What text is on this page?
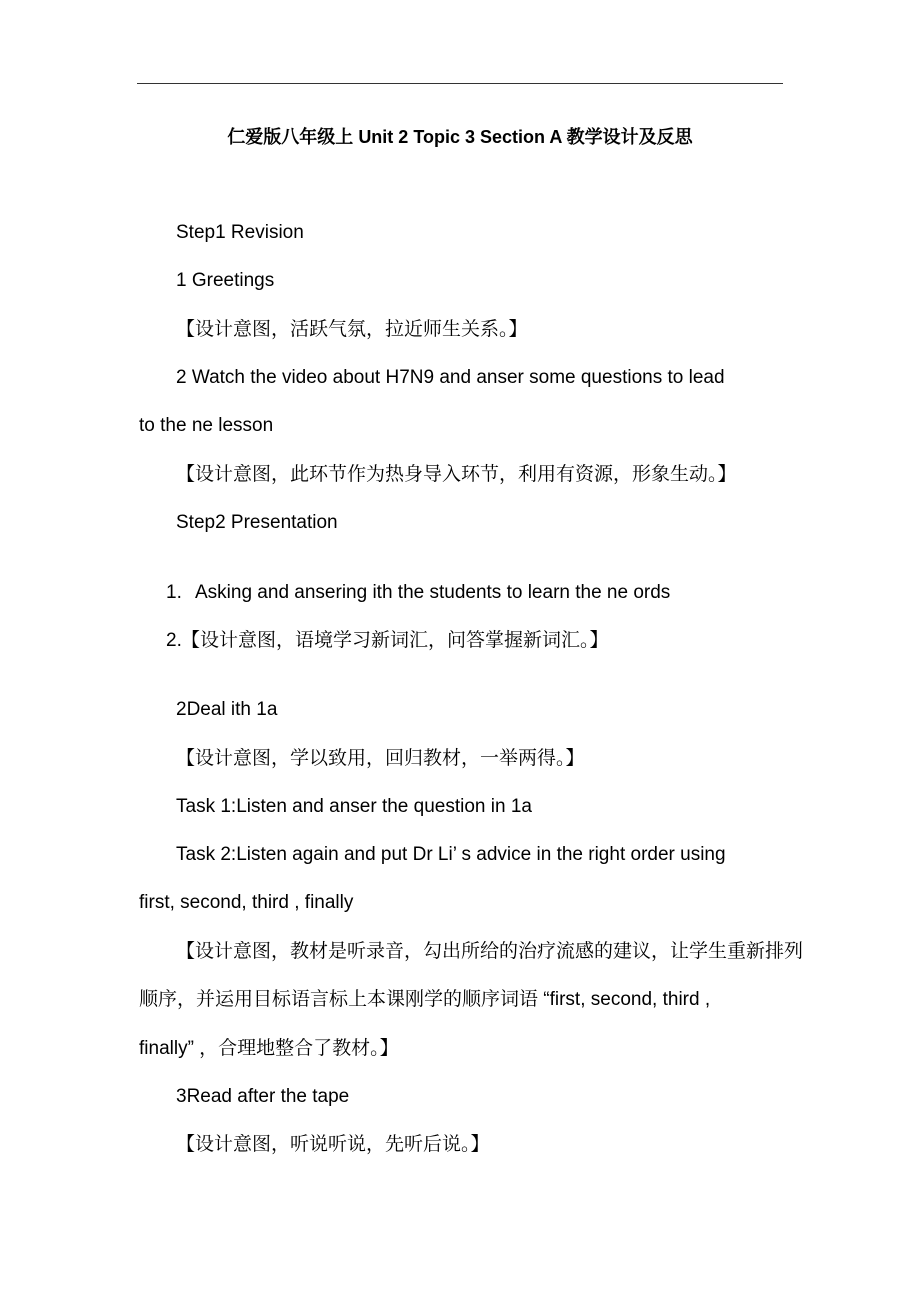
仁爱版八年级上 Unit 2 Topic 3 Section A 教学设计及反思
Step1 Revision
1 Greetings
【设计意图，活跃气氛，拉近师生关系。】
2 Watch the video about H7N9 and anser some questions to lead
to the ne lesson
【设计意图，此环节作为热身导入环节，利用有资源，形象生动。】
Step2 Presentation
1. Asking and ansering ith the students to learn the ne ords
2. 【设计意图，语境学习新词汇，问答掌握新词汇。】
2Deal ith 1a
【设计意图，学以致用，回归教材，一举两得。】
Task 1:Listen and anser the question in 1a
Task 2:Listen again and put Dr Li’ s advice in the right order using
first, second, third , finally
【设计意图，教材是听录音，勾出所给的治疗流感的建议，让学生重新排列
顺序，并运用目标语言标上本课刚学的顺序词语 “first, second, third ,
finally” ，合理地整合了教材。】
3Read after the tape
【设计意图，听说听说，先听后说。】
